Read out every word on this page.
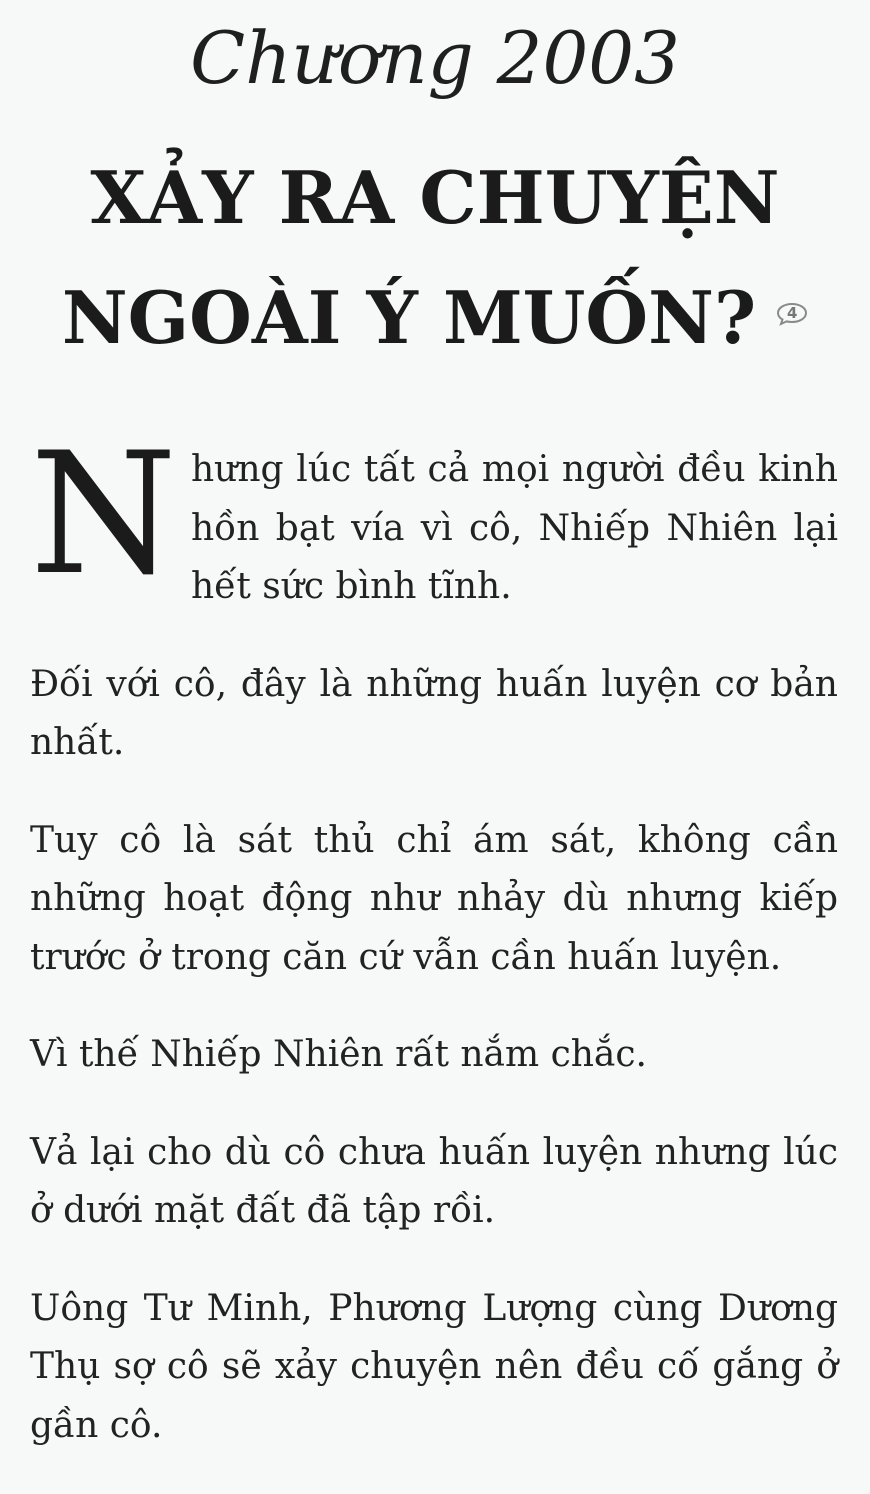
Chương 2003
XẢY RA CHUYỆN
NGOÀI Ý MUỐN?	4

Nhưng lúc tất cả mọi người đều kinh hồn bạt vía vì cô, Nhiếp Nhiên lại hết sức bình tĩnh.

Đối với cô, đây là những huấn luyện cơ bản nhất.

Tuy cô là sát thủ chỉ ám sát, không cần những hoạt động như nhảy dù nhưng kiếp trước ở trong căn cứ vẫn cần huấn luyện.

Vì thế Nhiếp Nhiên rất nắm chắc.

Vả lại cho dù cô chưa huấn luyện nhưng lúc ở dưới mặt đất đã tập rồi.

Uông Tư Minh, Phương Lượng cùng Dương Thụ sợ cô sẽ xảy chuyện nên đều cố gắng ở gần cô.
